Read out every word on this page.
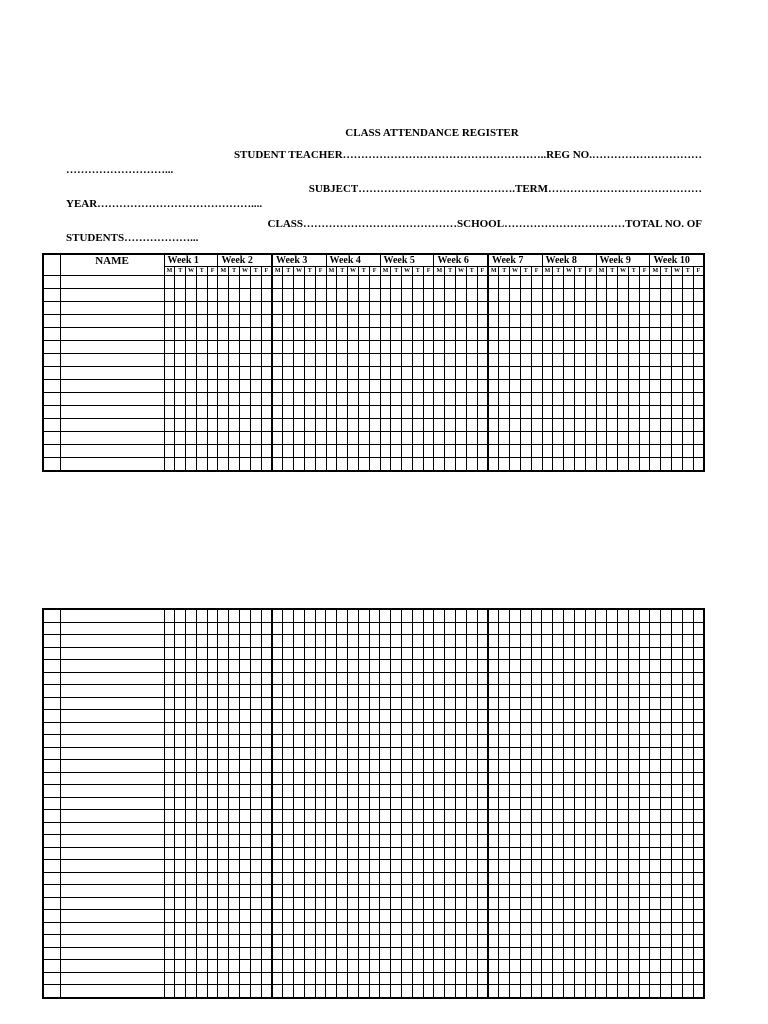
CLASS ATTENDANCE REGISTER
STUDENT TEACHER………………………………………………..REG NO.…………………………
………………………...
SUBJECT…………………………………….TERM……………………………………
YEAR……………………………………....
CLASS……………………………………SCHOOL……………………………TOTAL NO. OF
STUDENTS………………...
	NAME	Week 1					Week 2					Week 3					Week 4					Week 5					Week 6					Week 7					Week 8					Week 9					Week 10				
		M	T	W	T	F	M	T	W	T	F	M	T	W	T	F	M	T	W	T	F	M	T	W	T	F	M	T	W	T	F	M	T	W	T	F	M	T	W	T	F	M	T	W	T	F	M	T	W	T	F
